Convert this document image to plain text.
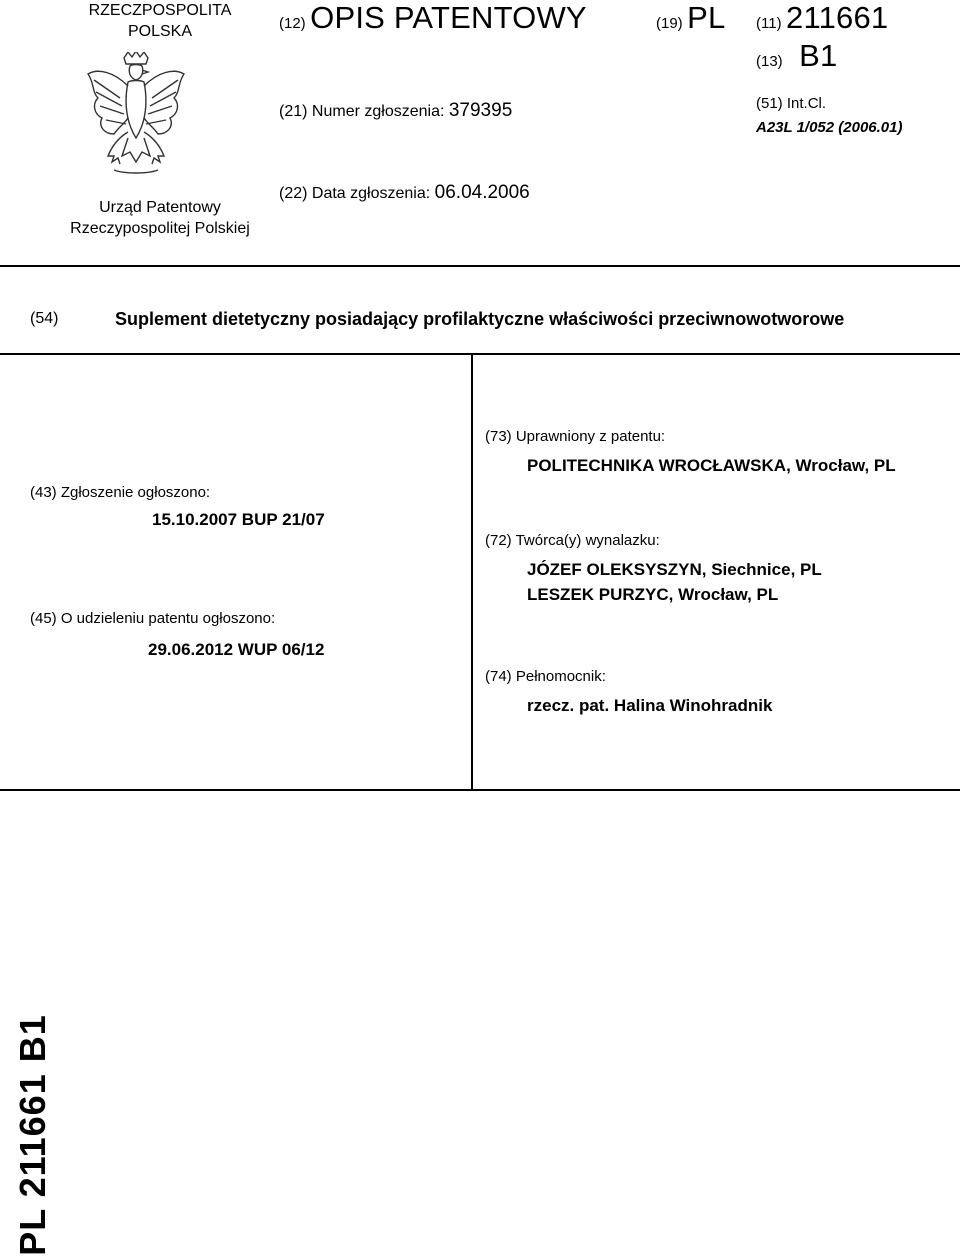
RZECZPOSPOLITA
POLSKA
Urząd Patentowy
Rzeczypospolitej Polskiej
(12) OPIS PATENTOWY	(19) PL (11) 211661
(13) B1
(21) Numer zgłoszenia: 379395	(51) Int.Cl.
A23L 1/052 (2006.01)
(22) Data zgłoszenia: 06.04.2006
(54)	Suplement dietetyczny posiadający profilaktyczne właściwości przeciwnowotworowe
(43) Zgłoszenie ogłoszono:
15.10.2007 BUP 21/07
(45) O udzieleniu patentu ogłoszono:
29.06.2012 WUP 06/12
(73) Uprawniony z patentu:
POLITECHNIKA WROCŁAWSKA, Wrocław, PL
(72) Twórca(y) wynalazku:
JÓZEF OLEKSYSZYN, Siechnice, PL
LESZEK PURZYC, Wrocław, PL
(74) Pełnomocnik:
rzecz. pat. Halina Winohradnik
PL 211661 B1
